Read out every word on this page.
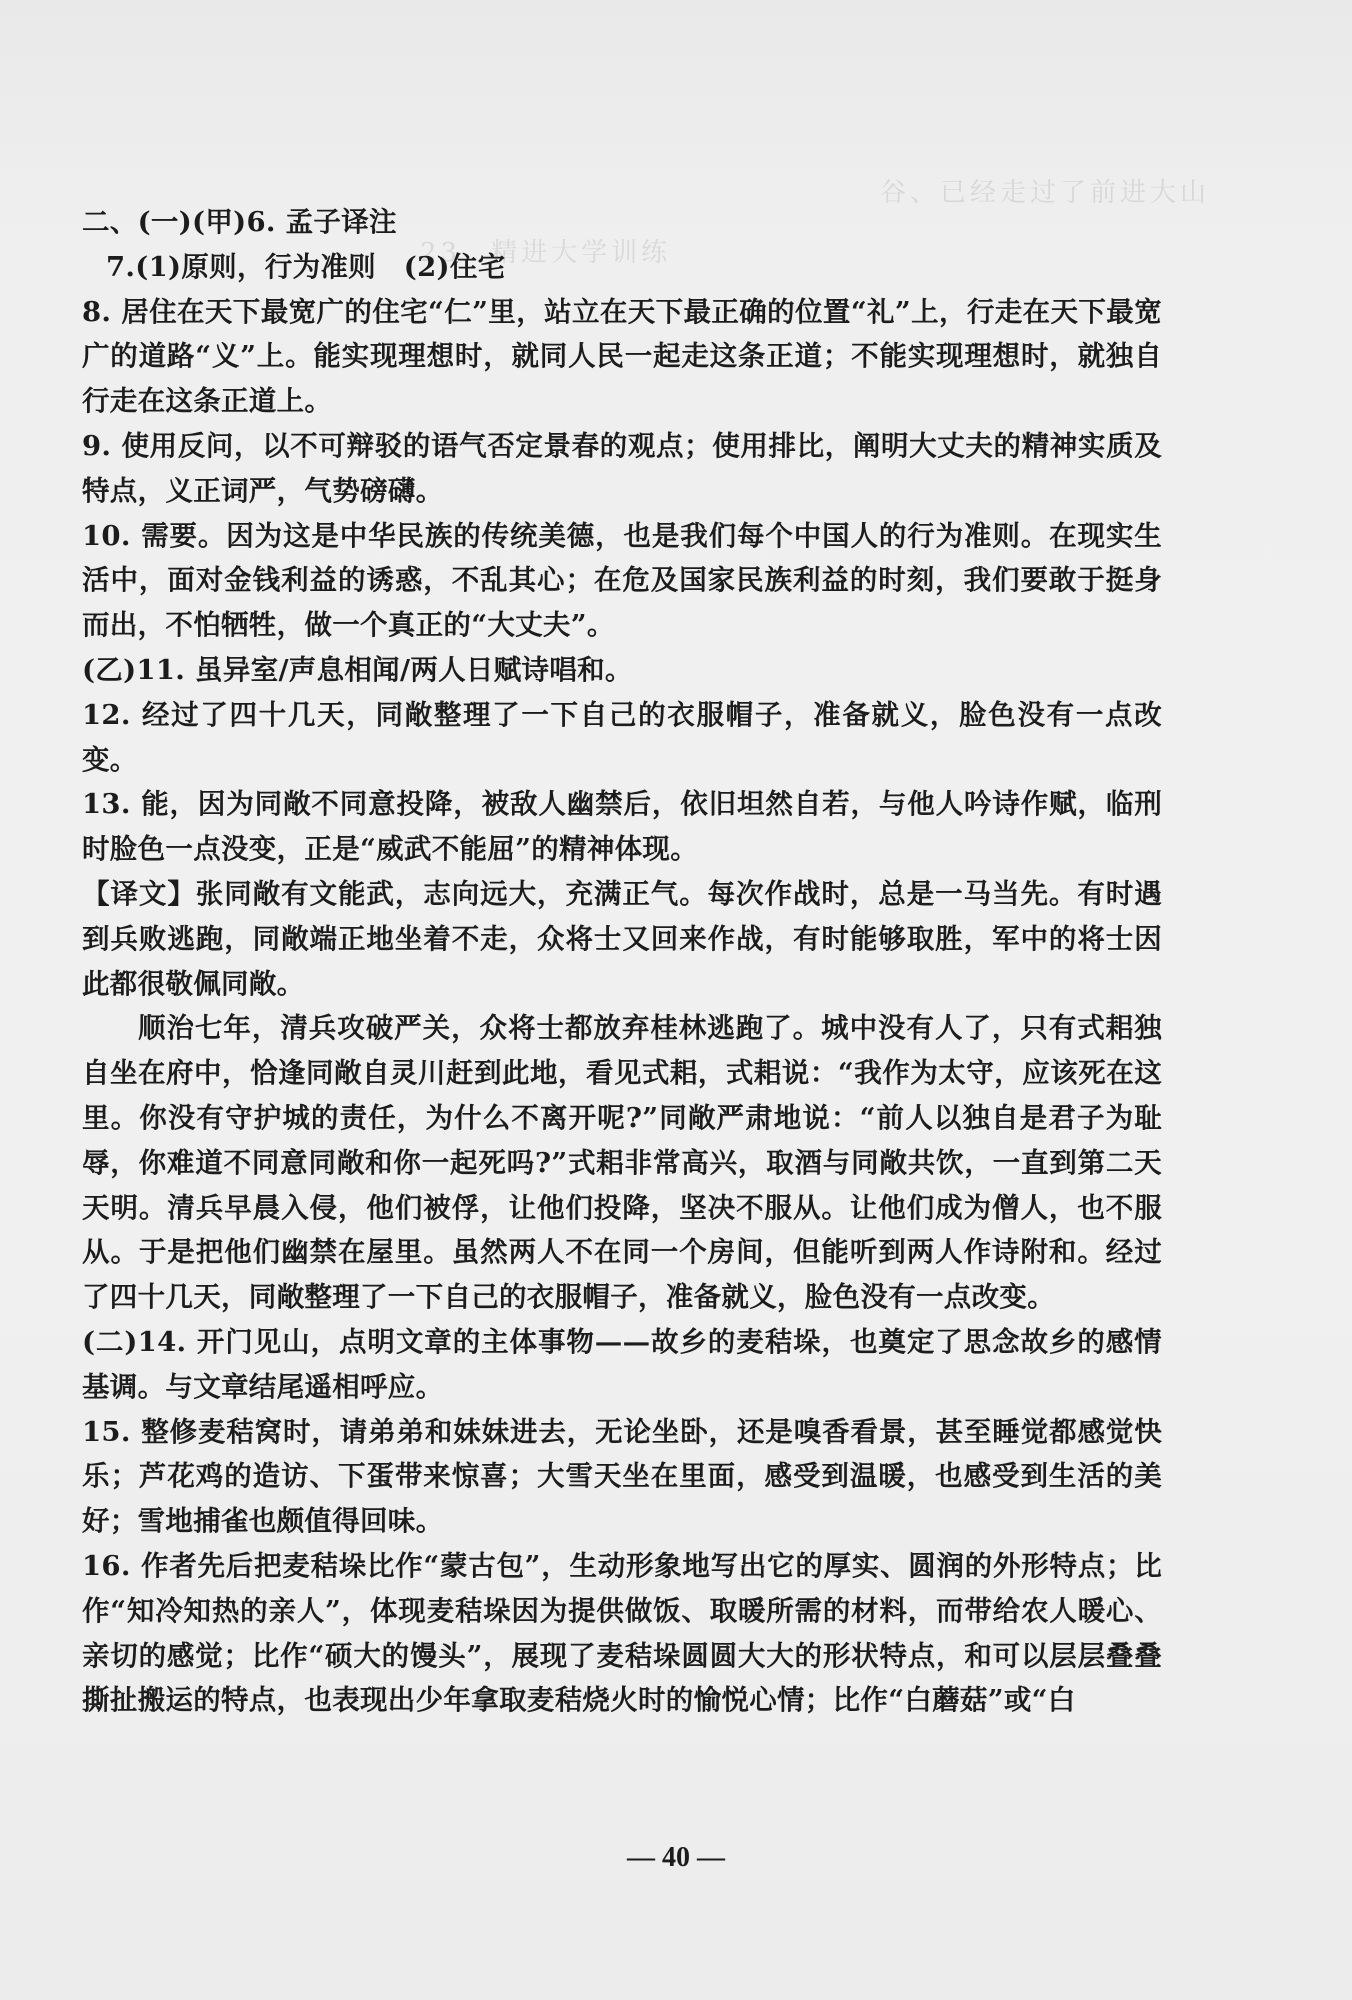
谷、已经走过了前进大山
23　精进大学训练

二、(一)(甲)6. 孟子译注

7.(1)原则，行为准则　(2)住宅

8. 居住在天下最宽广的住宅“仁”里，站立在天下最正确的位置“礼”上，行走在天下最宽广的道路“义”上。能实现理想时，就同人民一起走这条正道；不能实现理想时，就独自行走在这条正道上。

9. 使用反问，以不可辩驳的语气否定景春的观点；使用排比，阐明大丈夫的精神实质及特点，义正词严，气势磅礴。

10. 需要。因为这是中华民族的传统美德，也是我们每个中国人的行为准则。在现实生活中，面对金钱利益的诱惑，不乱其心；在危及国家民族利益的时刻，我们要敢于挺身而出，不怕牺牲，做一个真正的“大丈夫”。

(乙)11. 虽异室/声息相闻/两人日赋诗唱和。

12. 经过了四十几天，同敞整理了一下自己的衣服帽子，准备就义，脸色没有一点改变。

13. 能，因为同敞不同意投降，被敌人幽禁后，依旧坦然自若，与他人吟诗作赋，临刑时脸色一点没变，正是“威武不能屈”的精神体现。

【译文】张同敞有文能武，志向远大，充满正气。每次作战时，总是一马当先。有时遇到兵败逃跑，同敞端正地坐着不走，众将士又回来作战，有时能够取胜，军中的将士因此都很敬佩同敞。

顺治七年，清兵攻破严关，众将士都放弃桂林逃跑了。城中没有人了，只有式耜独自坐在府中，恰逢同敞自灵川赶到此地，看见式耜，式耜说：“我作为太守，应该死在这里。你没有守护城的责任，为什么不离开呢?”同敞严肃地说：“前人以独自是君子为耻辱，你难道不同意同敞和你一起死吗?”式耜非常高兴，取酒与同敞共饮，一直到第二天天明。清兵早晨入侵，他们被俘，让他们投降，坚决不服从。让他们成为僧人，也不服从。于是把他们幽禁在屋里。虽然两人不在同一个房间，但能听到两人作诗附和。经过了四十几天，同敞整理了一下自己的衣服帽子，准备就义，脸色没有一点改变。

(二)14. 开门见山，点明文章的主体事物——故乡的麦秸垛，也奠定了思念故乡的感情基调。与文章结尾遥相呼应。

15. 整修麦秸窝时，请弟弟和妹妹进去，无论坐卧，还是嗅香看景，甚至睡觉都感觉快乐；芦花鸡的造访、下蛋带来惊喜；大雪天坐在里面，感受到温暖，也感受到生活的美好；雪地捕雀也颇值得回味。

16. 作者先后把麦秸垛比作“蒙古包”，生动形象地写出它的厚实、圆润的外形特点；比作“知冷知热的亲人”，体现麦秸垛因为提供做饭、取暖所需的材料，而带给农人暖心、亲切的感觉；比作“硕大的馒头”，展现了麦秸垛圆圆大大的形状特点，和可以层层叠叠撕扯搬运的特点，也表现出少年拿取麦秸烧火时的愉悦心情；比作“白蘑菇”或“白

— 40 —
